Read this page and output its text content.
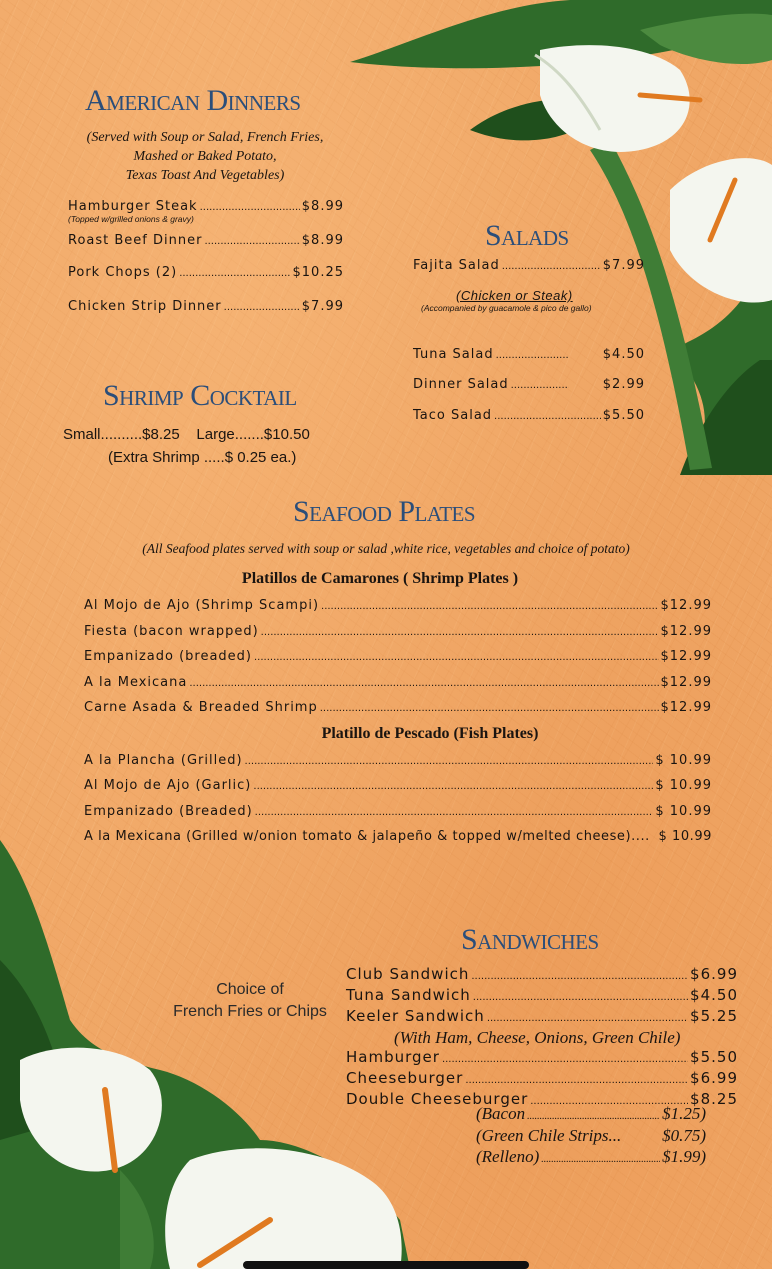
American Dinners
(Served with Soup or Salad, French Fries,
Mashed or Baked Potato,
Texas Toast And Vegetables)
Hamburger Steak .....	$8.99
(Topped w/grilled onions & gravy)
Roast Beef Dinner .....	$8.99
Pork Chops (2) .....	$10.25
Chicken Strip Dinner .....	$7.99
Salads
Fajita Salad .....	$7.99
(Chicken or Steak)
(Accompanied by guacamole & pico de gallo)
Tuna Salad .....	$4.50
Dinner Salad .....	$2.99
Taco Salad .....	$5.50
Shrimp Cocktail
Small..........$8.25    Large.......$10.50
(Extra Shrimp .....$ 0.25 ea.)
Seafood Plates
(All Seafood plates served with soup or salad ,white rice, vegetables and choice of potato)
Platillos de Camarones ( Shrimp Plates )
Al Mojo de Ajo (Shrimp Scampi) .....	$12.99
Fiesta (bacon wrapped) .....	$12.99
Empanizado (breaded) .....	$12.99
A la Mexicana .....	$12.99
Carne Asada & Breaded Shrimp .....	$12.99
Platillo de Pescado (Fish Plates)
A la Plancha (Grilled) .....	$ 10.99
Al Mojo de Ajo (Garlic) .....	$ 10.99
Empanizado (Breaded) .....	$ 10.99
A la Mexicana (Grilled w/onion tomato & jalapeño & topped w/melted cheese).... $ 10.99
Sandwiches
Choice of
French Fries or Chips
Club Sandwich .....	$6.99
Tuna Sandwich .....	$4.50
Keeler Sandwich .....	$5.25
(With Ham, Cheese, Onions, Green Chile)
Hamburger .....	$5.50
Cheeseburger .....	$6.99
Double Cheeseburger .....	$8.25
(Bacon .....	$1.25)
(Green Chile Strips... $0.75)
(Relleno) .....	$1.99)
